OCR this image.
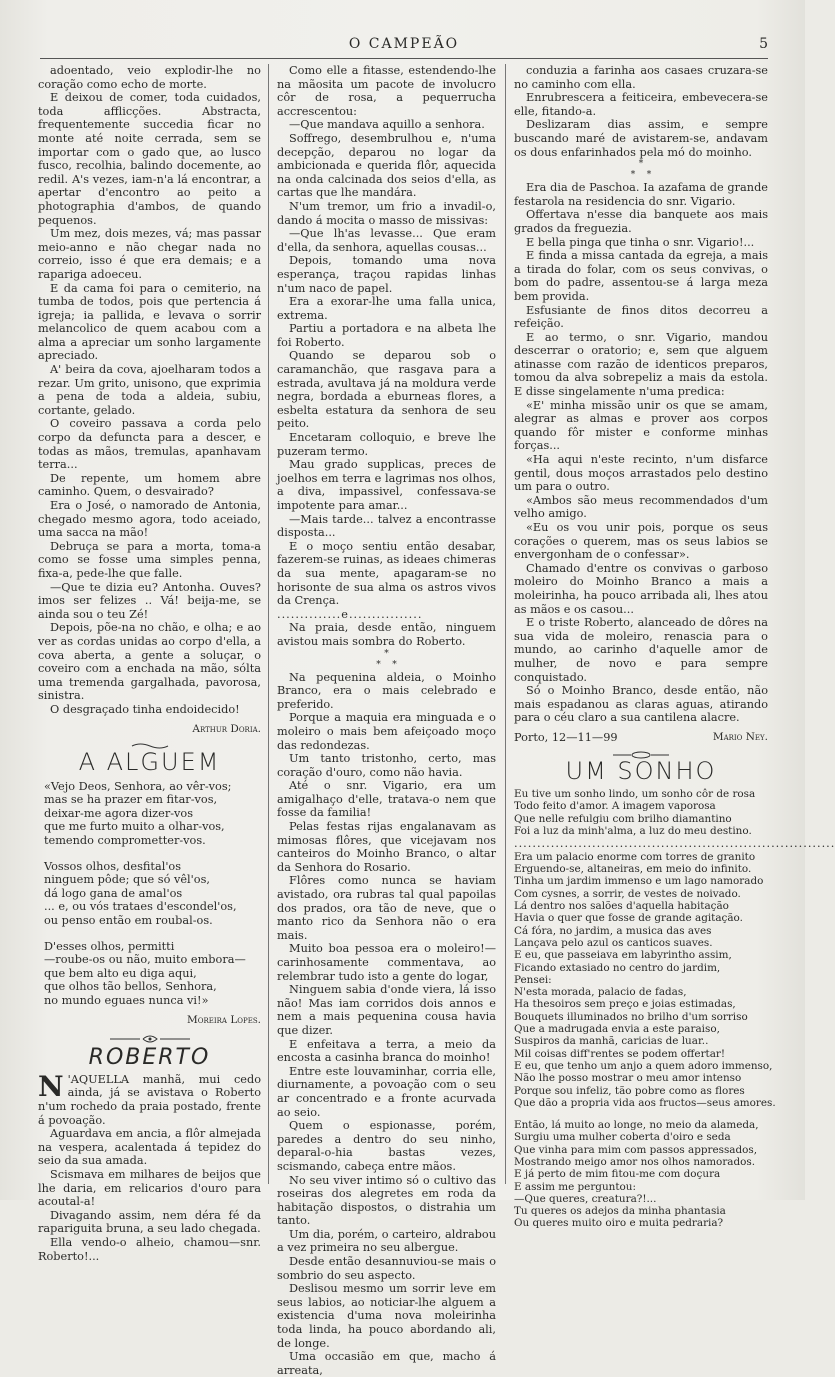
O CAMPEÃO	5

adoentado, veio explodir-lhe no coração como echo de morte.

E deixou de comer, toda cuidados, toda afflicções. Abstracta, frequentemente succedia ficar no monte até noite cerrada, sem se importar com o gado que, ao lusco fusco, recolhia, balindo docemente, ao redil. A's vezes, iam-n'a lá encontrar, a apertar d'encontro ao peito a photographia d'ambos, de quando pequenos.

Um mez, dois mezes, vá; mas passar meio-anno e não chegar nada no correio, isso é que era demais; e a rapariga adoeceu.

E da cama foi para o cemiterio, na tumba de todos, pois que pertencia á igreja; ia pallida, e levava o sorrir melancolico de quem acabou com a alma a apreciar um sonho largamente apreciado.

A' beira da cova, ajoelharam todos a rezar. Um grito, unisono, que exprimia a pena de toda a aldeia, subiu, cortante, gelado.

O coveiro passava a corda pelo corpo da defuncta para a descer, e todas as mãos, tremulas, apanhavam terra...

De repente, um homem abre caminho. Quem, o desvairado?

Era o José, o namorado de Antonia, chegado mesmo agora, todo aceiado, uma sacca na mão!

Debruça se para a morta, toma-a como se fosse uma simples penna, fixa-a, pede-lhe que falle.

—Que te dizia eu? Antonha. Ouves? imos ser felizes .. Vá! beija-me, se ainda sou o teu Zé!

Depois, põe-na no chão, e olha; e ao ver as cordas unidas ao corpo d'ella, a cova aberta, a gente a soluçar, o coveiro com a enchada na mão, sólta uma tremenda gargalhada, pavorosa, sinistra.

O desgraçado tinha endoidecido!

Arthur Doria.

A ALGUEM
«Vejo Deos, Senhora, ao vêr-vos;
mas se ha prazer em fitar-vos,
deixar-me agora dizer-vos
que me furto muito a olhar-vos,
temendo comprometter-vos.
Vossos olhos, desfital'os
ninguem pôde; que só vêl'os,
dá logo gana de amal'os
... e, ou vós trataes d'escondel'os,
ou penso então em roubal-os.
D'esses olhos, permitti
—roube-os ou não, muito embora—
que bem alto eu diga aqui,
que olhos tão bellos, Senhora,
no mundo eguaes nunca vi!»

Moreira Lopes.

ROBERTO

N 'AQUELLA manhã, mui cedo ainda, já se avistava o Roberto n'um rochedo da praia postado, frente á povoação.

Aguardava em ancia, a flôr almejada na vespera, acalentada á tepidez do seio da sua amada.

Scismava em milhares de beijos que lhe daria, em relicarios d'ouro para acoutal-a!

Divagando assim, nem déra fé da rapariguita bruna, a seu lado chegada.

Ella vendo-o alheio, chamou—snr. Roberto!...

Como elle a fitasse, estendendo-lhe na mãosita um pacote de involucro côr de rosa, a pequerrucha accrescentou:

—Que mandava aquillo a senhora.

Soffrego, desembrulhou e, n'uma decepção, deparou no logar da ambicionada e querida flôr, aquecida na onda calcinada dos seios d'ella, as cartas que lhe mandára.

N'um tremor, um frio a invadil-o, dando á mocita o masso de missivas:

—Que lh'as levasse... Que eram d'ella, da senhora, aquellas cousas...

Depois, tomando uma nova esperança, traçou rapidas linhas n'um naco de papel.

Era a exorar-lhe uma falla unica, extrema.

Partiu a portadora e na albeta lhe foi Roberto.

Quando se deparou sob o caramanchão, que rasgava para a estrada, avultava já na moldura verde negra, bordada a eburneas flores, a esbelta estatura da senhora de seu peito.

Encetaram colloquio, e breve lhe puzeram termo.

Mau grado supplicas, preces de joelhos em terra e lagrimas nos olhos, a diva, impassivel, confessava-se impotente para amar...

—Mais tarde... talvez a encontrasse disposta...

E o moço sentiu então desabar, fazerem-se ruinas, as ideaes chimeras da sua mente, apagaram-se no horisonte de sua alma os astros vivos da Crença.

..............e................

Na praia, desde então, ninguem avistou mais sombra do Roberto.

*
*    *

Na pequenina aldeia, o Moinho Branco, era o mais celebrado e preferido.

Porque a maquia era minguada e o moleiro o mais bem afeiçoado moço das redondezas.

Um tanto tristonho, certo, mas coração d'ouro, como não havia.

Até o snr. Vigario, era um amigalhaço d'elle, tratava-o nem que fosse da familia!

Pelas festas rijas engalanavam as mimosas flôres, que vicejavam nos canteiros do Moinho Branco, o altar da Senhora do Rosario.

Flôres como nunca se haviam avistado, ora rubras tal qual papoilas dos prados, ora tão de neve, que o manto rico da Senhora não o era mais.

Muito boa pessoa era o moleiro!—carinhosamente commentava, ao relembrar tudo isto a gente do logar,

Ninguem sabia d'onde viera, lá isso não! Mas iam corridos dois annos e nem a mais pequenina cousa havia que dizer.

E enfeitava a terra, a meio da encosta a casinha branca do moinho!

Entre este louvaminhar, corria elle, diurnamente, a povoação com o seu ar concentrado e a fronte acurvada ao seio.

Quem o espionasse, porém, paredes a dentro do seu ninho, deparal-o-hia bastas vezes, scismando, cabeça entre mãos.

No seu viver intimo só o cultivo das roseiras dos alegretes em roda da habitação dispostos, o distrahia um tanto.

Um dia, porém, o carteiro, aldrabou a vez primeira no seu albergue.

Desde então desannuviou-se mais o sombrio do seu aspecto.

Deslisou mesmo um sorrir leve em seus labios, ao noticiar-lhe alguem a existencia d'uma nova moleirinha toda linda, ha pouco abordando ali, de longe.

Uma occasião em que, macho á arreata,

conduzia a farinha aos casaes cruzara-se no caminho com ella.

Enrubrescera a feiticeira, embevecera-se elle, fitando-a.

Deslizaram dias assim, e sempre buscando maré de avistarem-se, andavam os dous enfarinhados pela mó do moinho.

*
*    *

Era dia de Paschoa. Ia azafama de grande festarola na residencia do snr. Vigario.

Offertava n'esse dia banquete aos mais grados da freguezia.

E bella pinga que tinha o snr. Vigario!...

E finda a missa cantada da egreja, a mais a tirada do folar, com os seus convivas, o bom do padre, assentou-se á larga meza bem provida.

Esfusiante de finos ditos decorreu a refeição.

E ao termo, o snr. Vigario, mandou descerrar o oratorio; e, sem que alguem atinasse com razão de identicos preparos, tomou da alva sobrepeliz a mais da estola. E disse singelamente n'uma predica:

«E' minha missão unir os que se amam, alegrar as almas e prover aos corpos quando fôr mister e conforme minhas forças...

«Ha aqui n'este recinto, n'um disfarce gentil, dous moços arrastados pelo destino um para o outro.

«Ambos são meus recommendados d'um velho amigo.

«Eu os vou unir pois, porque os seus corações o querem, mas os seus labios se envergonham de o confessar».

Chamado d'entre os convivas o garboso moleiro do Moinho Branco a mais a moleirinha, ha pouco arribada ali, lhes atou as mãos e os casou...

E o triste Roberto, alanceado de dôres na sua vida de moleiro, renascia para o mundo, ao carinho d'aquelle amor de mulher, de novo e para sempre conquistado.

Só o Moinho Branco, desde então, não mais espadanou as claras aguas, atirando para o céu claro a sua cantilena alacre.

Porto, 12—11—99	Mario Ney.

UM SONHO
Eu tive um sonho lindo, um sonho côr de rosa
Todo feito d'amor. A imagem vaporosa
Que nelle refulgiu com brilho diamantino
Foi a luz da minh'alma, a luz do meu destino.

......................................................................

Era um palacio enorme com torres de granito
Erguendo-se, altaneiras, em meio do infinito.
Tinha um jardim immenso e um lago namorado
Com cysnes, a sorrir, de vestes de noivado.
Lá dentro nos salões d'aquella habitação
Havia o quer que fosse de grande agitação.
Cá fóra, no jardim, a musica das aves
Lançava pelo azul os canticos suaves.
E eu, que passeiava em labyrintho assim,
Ficando extasiado no centro do jardim,
Pensei:
N'esta morada, palacio de fadas,
Ha thesoiros sem preço e joias estimadas,
Bouquets illuminados no brilho d'um sorriso
Que a madrugada envia a este paraiso,
Suspiros da manhã, caricias de luar..
Mil coisas diff'rentes se podem offertar!
E eu, que tenho um anjo a quem adoro immenso,
Não lhe posso mostrar o meu amor intenso
Porque sou infeliz, tão pobre como as flores
Que dão a propria vida aos fructos—seus amores.
Então, lá muito ao longe, no meio da alameda,
Surgiu uma mulher coberta d'oiro e seda
Que vinha para mim com passos appressados,
Mostrando meigo amor nos olhos namorados.
E já perto de mim fitou-me com doçura
E assim me perguntou:
—Que queres, creatura?!...
Tu queres os adejos da minha phantasia
Ou queres muito oiro e muita pedraria?
